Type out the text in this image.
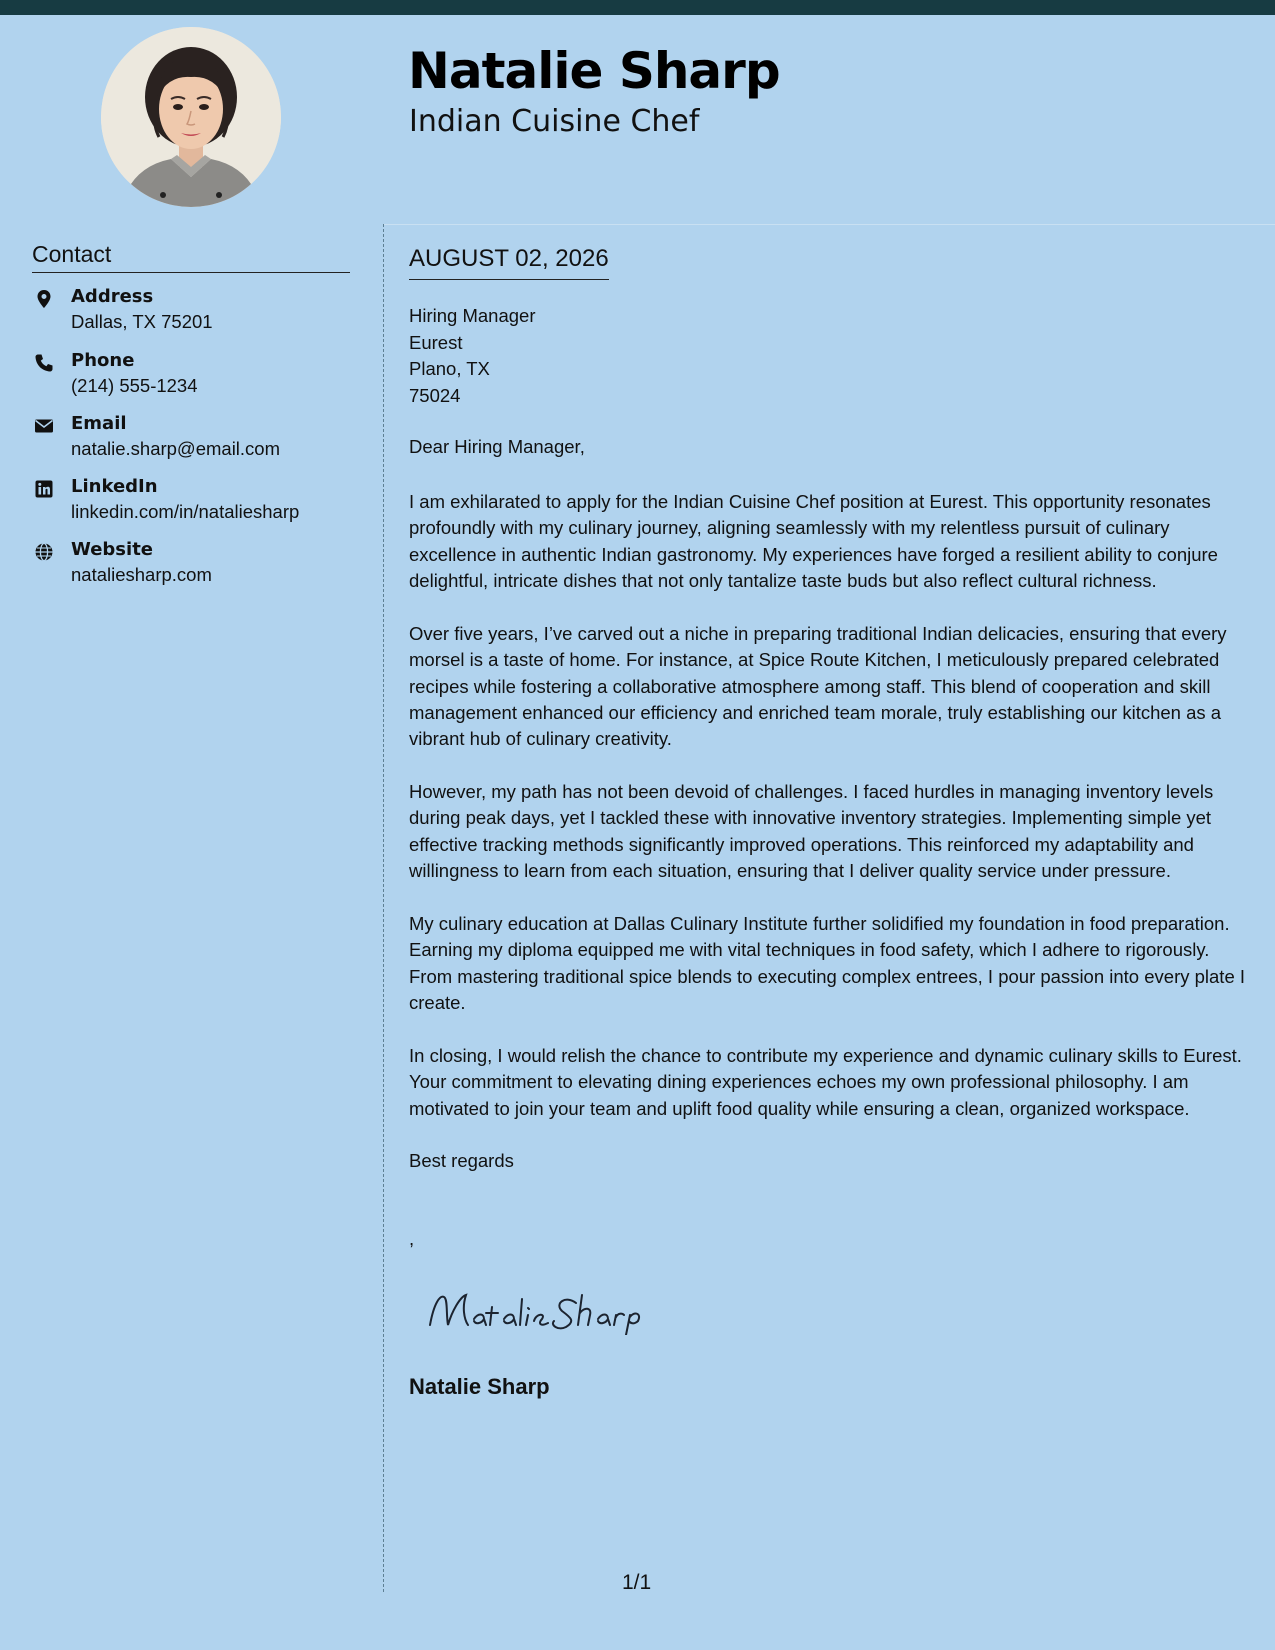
Natalie Sharp
Indian Cuisine Chef
Contact
Address
Dallas, TX 75201
Phone
(214) 555-1234
Email
natalie.sharp@email.com
LinkedIn
linkedin.com/in/nataliesharp
Website
nataliesharp.com
AUGUST 02, 2026
Hiring Manager
Eurest
Plano, TX
75024
Dear Hiring Manager,

I am exhilarated to apply for the Indian Cuisine Chef position at Eurest. This opportunity resonates profoundly with my culinary journey, aligning seamlessly with my relentless pursuit of culinary excellence in authentic Indian gastronomy. My experiences have forged a resilient ability to conjure delightful, intricate dishes that not only tantalize taste buds but also reflect cultural richness.

Over five years, I’ve carved out a niche in preparing traditional Indian delicacies, ensuring that every morsel is a taste of home. For instance, at Spice Route Kitchen, I meticulously prepared celebrated recipes while fostering a collaborative atmosphere among staff. This blend of cooperation and skill management enhanced our efficiency and enriched team morale, truly establishing our kitchen as a vibrant hub of culinary creativity.

However, my path has not been devoid of challenges. I faced hurdles in managing inventory levels during peak days, yet I tackled these with innovative inventory strategies. Implementing simple yet effective tracking methods significantly improved operations. This reinforced my adaptability and willingness to learn from each situation, ensuring that I deliver quality service under pressure.

My culinary education at Dallas Culinary Institute further solidified my foundation in food preparation. Earning my diploma equipped me with vital techniques in food safety, which I adhere to rigorously. From mastering traditional spice blends to executing complex entrees, I pour passion into every plate I create.

In closing, I would relish the chance to contribute my experience and dynamic culinary skills to Eurest. Your commitment to elevating dining experiences echoes my own professional philosophy. I am motivated to join your team and uplift food quality while ensuring a clean, organized workspace.

Best regards
,
Natalie Sharp
1/1
